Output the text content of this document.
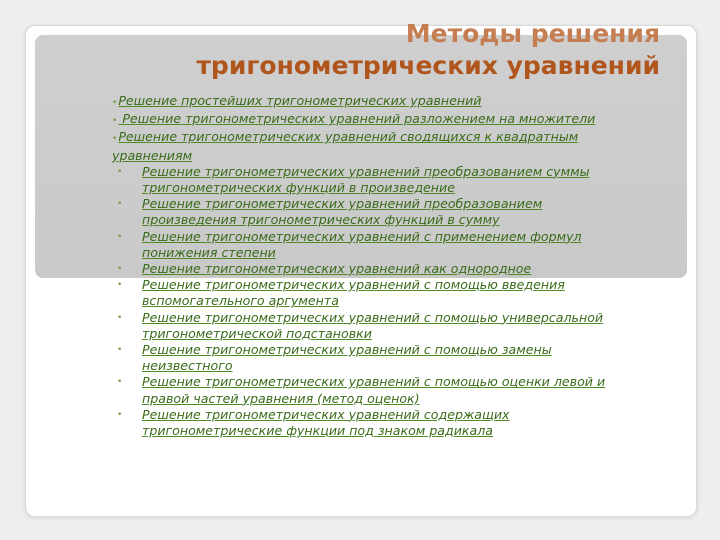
Методы решения
тригонометрических уравнений
•Решение простейших тригонометрических уравнений
• Решение тригонометрических уравнений разложением на множители
•Решение тригонометрических уравнений сводящихся к квадратным уравнениям
• Решение тригонометрических уравнений преобразованием суммы тригонометрических функций в произведение
• Решение тригонометрических уравнений преобразованием произведения тригонометрических функций в сумму
• Решение тригонометрических уравнений с применением формул понижения степени
• Решение тригонометрических уравнений как однородное
• Решение тригонометрических уравнений с помощью введения вспомогательного аргумента
• Решение тригонометрических уравнений с помощью универсальной тригонометрической подстановки
• Решение тригонометрических уравнений с помощью замены неизвестного
• Решение тригонометрических уравнений с помощью оценки левой и правой частей уравнения (метод оценок)
• Решение тригонометрических уравнений содержащих тригонометрические функции под знаком радикала
